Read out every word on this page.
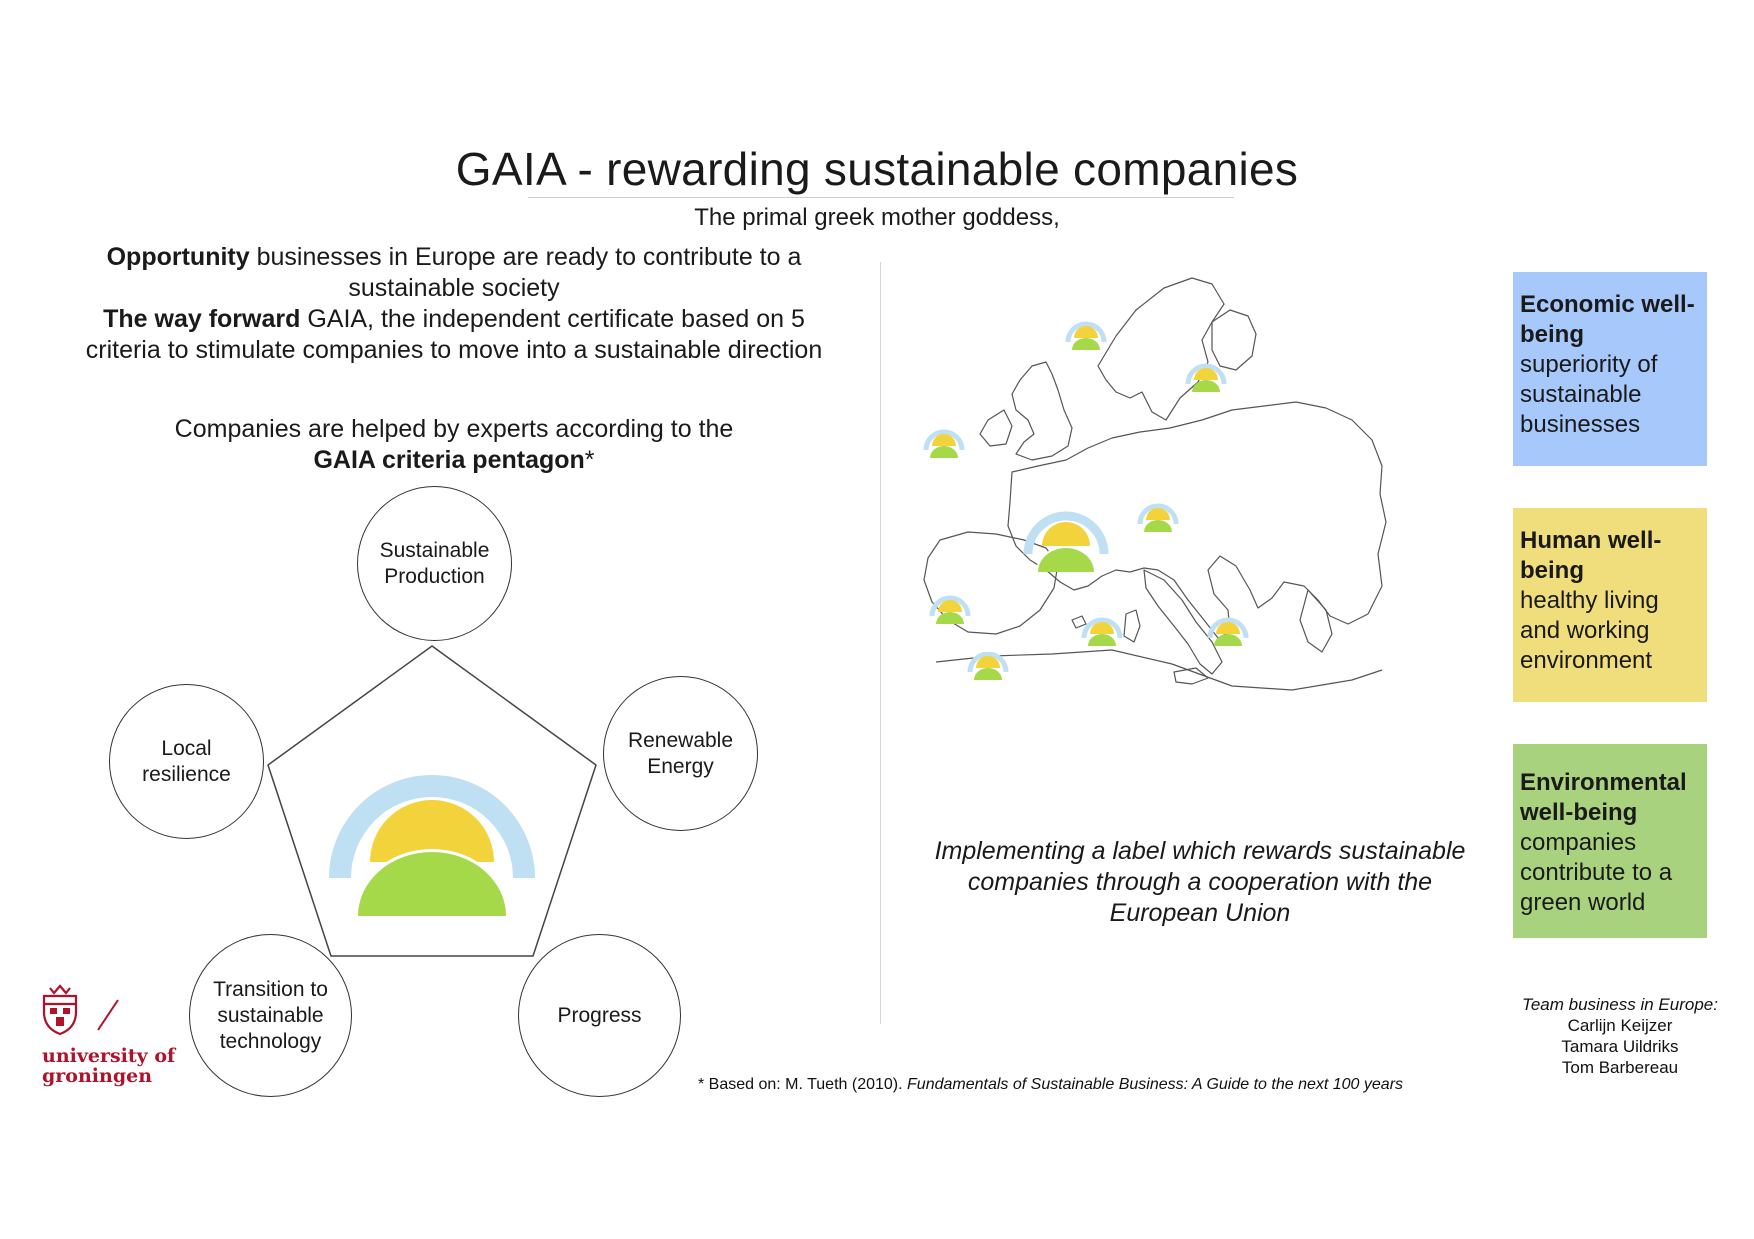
GAIA - rewarding sustainable companies
The primal greek mother goddess,
Opportunity businesses in Europe are ready to contribute to a sustainable society
The way forward GAIA, the independent certificate based on 5 criteria to stimulate companies to move into a sustainable direction
Companies are helped by experts according to the
GAIA criteria pentagon*
Sustainable
Production
Renewable
Energy
Progress
Transition to
sustainable
technology
Local
resilience
university of
groningen
Implementing a label which rewards sustainable companies through a cooperation with the European Union
Economic well-being
superiority of sustainable businesses
Human well-being
healthy living and working environment
Environmental well-being
companies contribute to a green world
Team business in Europe:
Carlijn Keijzer
Tamara Uildriks
Tom Barbereau
* Based on: M. Tueth (2010). Fundamentals of Sustainable Business: A Guide to the next 100 years
